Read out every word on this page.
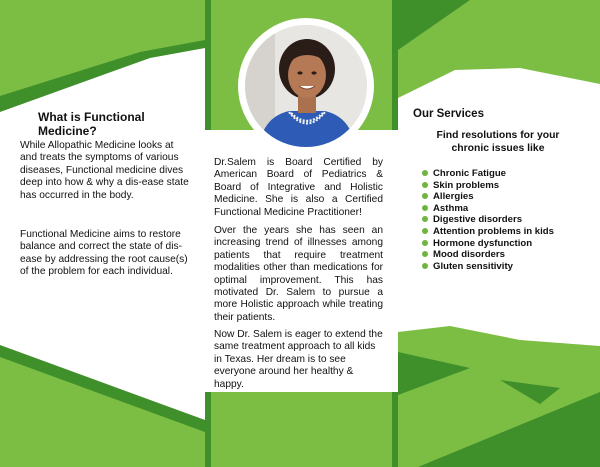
What is Functional Medicine?
While Allopathic Medicine looks at and treats the symptoms of various diseases, Functional medicine dives deep into how & why a dis-ease state has occurred in the body.
Functional Medicine aims to restore balance and correct the state of dis-ease by addressing the root cause(s) of the problem for each individual.
Dr.Salem is Board Certified by American Board of Pediatrics & Board of Integrative and Holistic Medicine. She is also a Certified Functional Medicine Practitioner!
Over the years she has seen an increasing trend of illnesses among patients that require treatment modalities other than medications for optimal improvement. This has motivated Dr. Salem to pursue a more Holistic approach while treating their patients.
Now Dr. Salem is eager to extend the same treatment approach to all kids in Texas. Her dream is to see everyone around her healthy & happy.
Our Services
Find resolutions for your chronic issues like
Chronic Fatigue
Skin problems
Allergies
Asthma
Digestive disorders
Attention problems in kids
Hormone dysfunction
Mood disorders
Gluten sensitivity
